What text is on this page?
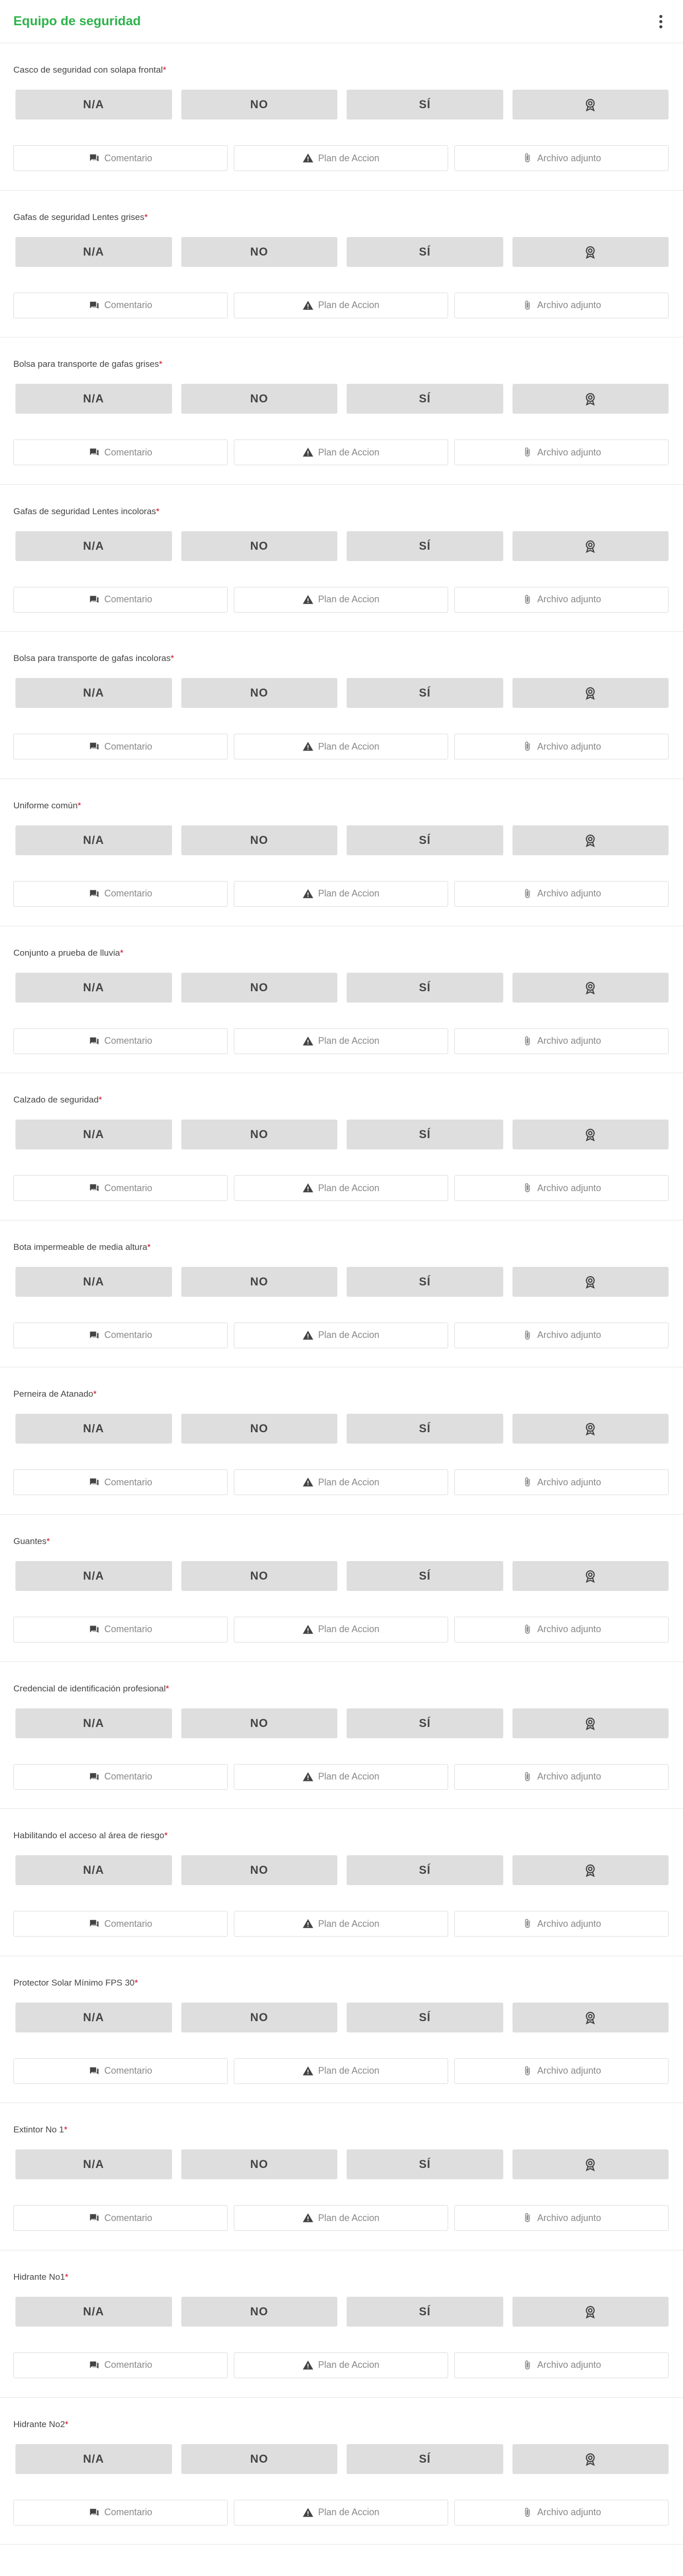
Equipo de seguridad
Casco de seguridad con solapa frontal*
N/A	NO	SÍ
Comentario	Plan de Accion	Archivo adjunto
Gafas de seguridad Lentes grises*
N/A	NO	SÍ
Comentario	Plan de Accion	Archivo adjunto
Bolsa para transporte de gafas grises*
N/A	NO	SÍ
Comentario	Plan de Accion	Archivo adjunto
Gafas de seguridad Lentes incoloras*
N/A	NO	SÍ
Comentario	Plan de Accion	Archivo adjunto
Bolsa para transporte de gafas incoloras*
N/A	NO	SÍ
Comentario	Plan de Accion	Archivo adjunto
Uniforme común*
N/A	NO	SÍ
Comentario	Plan de Accion	Archivo adjunto
Conjunto a prueba de lluvia*
N/A	NO	SÍ
Comentario	Plan de Accion	Archivo adjunto
Calzado de seguridad*
N/A	NO	SÍ
Comentario	Plan de Accion	Archivo adjunto
Bota impermeable de media altura*
N/A	NO	SÍ
Comentario	Plan de Accion	Archivo adjunto
Perneira de Atanado*
N/A	NO	SÍ
Comentario	Plan de Accion	Archivo adjunto
Guantes*
N/A	NO	SÍ
Comentario	Plan de Accion	Archivo adjunto
Credencial de identificación profesional*
N/A	NO	SÍ
Comentario	Plan de Accion	Archivo adjunto
Habilitando el acceso al área de riesgo*
N/A	NO	SÍ
Comentario	Plan de Accion	Archivo adjunto
Protector Solar Mínimo FPS 30*
N/A	NO	SÍ
Comentario	Plan de Accion	Archivo adjunto
Extintor No 1*
N/A	NO	SÍ
Comentario	Plan de Accion	Archivo adjunto
Hidrante No1*
N/A	NO	SÍ
Comentario	Plan de Accion	Archivo adjunto
Hidrante No2*
N/A	NO	SÍ
Comentario	Plan de Accion	Archivo adjunto
